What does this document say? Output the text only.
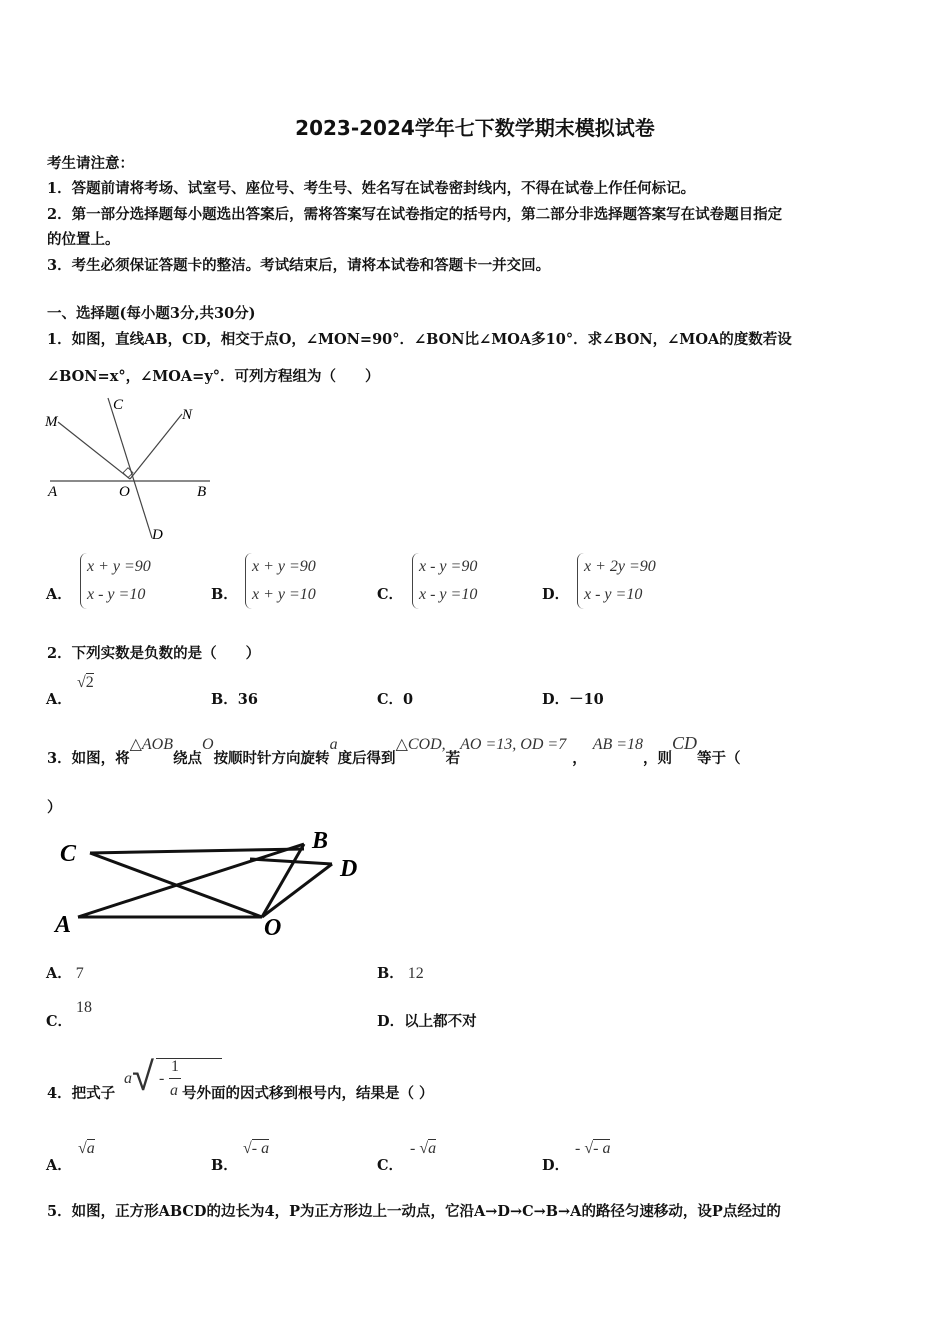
2023-2024学年七下数学期末模拟试卷
考生请注意：
1．答题前请将考场、试室号、座位号、考生号、姓名写在试卷密封线内，不得在试卷上作任何标记。
2．第一部分选择题每小题选出答案后，需将答案写在试卷指定的括号内，第二部分非选择题答案写在试卷题目指定
的位置上。
3．考生必须保证答题卡的整洁。考试结束后，请将本试卷和答题卡一并交回。
一、选择题(每小题3分,共30分)
1．如图，直线AB，CD，相交于点O，∠MON=90°．∠BON比∠MOA多10°．求∠BON，∠MOA的度数若设
∠BON=x°，∠MOA=y°．可列方程组为（　　）
M
C
N
A	O	B
D
A．
x + y =90
x - y =10	B．
x + y =90
x + y =10	C．
x - y =90
x - y =10	D．
x + 2y =90
x - y =10
2．下列实数是负数的是（　　）
A．
√2
B．36	C．0	D．－10
3．如图，将△AOB绕点O按顺时针方向旋转a度后得到△COD,若AO =13, OD =7，AB =18，则CD等于（
）
C	B
D
A	O
A． 7	B． 12
C．18
D．以上都不对
4．把式子
a √ -
1
a 号外面的因式移到根号内，结果是（ ）
A．
√a
B．
√- a
C．
- √a
D．
- √- a
5．如图，正方形ABCD的边长为4，P为正方形边上一动点，它沿A→D→C→B→A的路径匀速移动，设P点经过的
